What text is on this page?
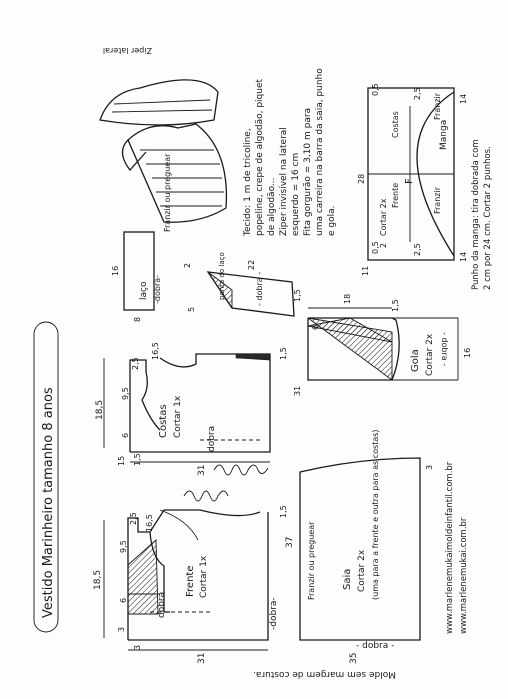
Vestido Marinheiro tamanho 8 anos	Frente Cortar 1x
dobra	-dobra-
18,5
31
2,5
9,5
16,5
6
3
1,5
3
Costas Cortar 1x
dobra
18,5
31
2,5
9,5
16,5
6
1,5
15 1,5
laço -dobra-
16
8
Franzir ou preguear
ponta do laço	- dobra -
5
2	22
1,5
Gola Cortar 2x - dobra -
18
16
6
31
1,5
Saia Cortar 2x (uma para a frente e outra para as costas)
Franzir ou preguear
- dobra -
37
35
3
F
Manga
Cortar 2x	Franzir
Franzir
Costas
Frente
28
14
2
2,5
0,5
0,5
11
14
2,5
Ziper lateral
Tecido: 1 m de tricoline, popeline, crepe de algodão, piquet de algodão... Ziper invisível na lateral esquerdo = 16 cm Fita gorgurão = 3,10 m para uma carreira na barra da saia, punho e gola.	Punho da manga: tira dobrada com 2 cm por 24 cm. Cortar 2 punhos.
www.marlenemukaimoldeinfantil.com.br www.marlenemukai.com.br
Molde sem margem de costura.
